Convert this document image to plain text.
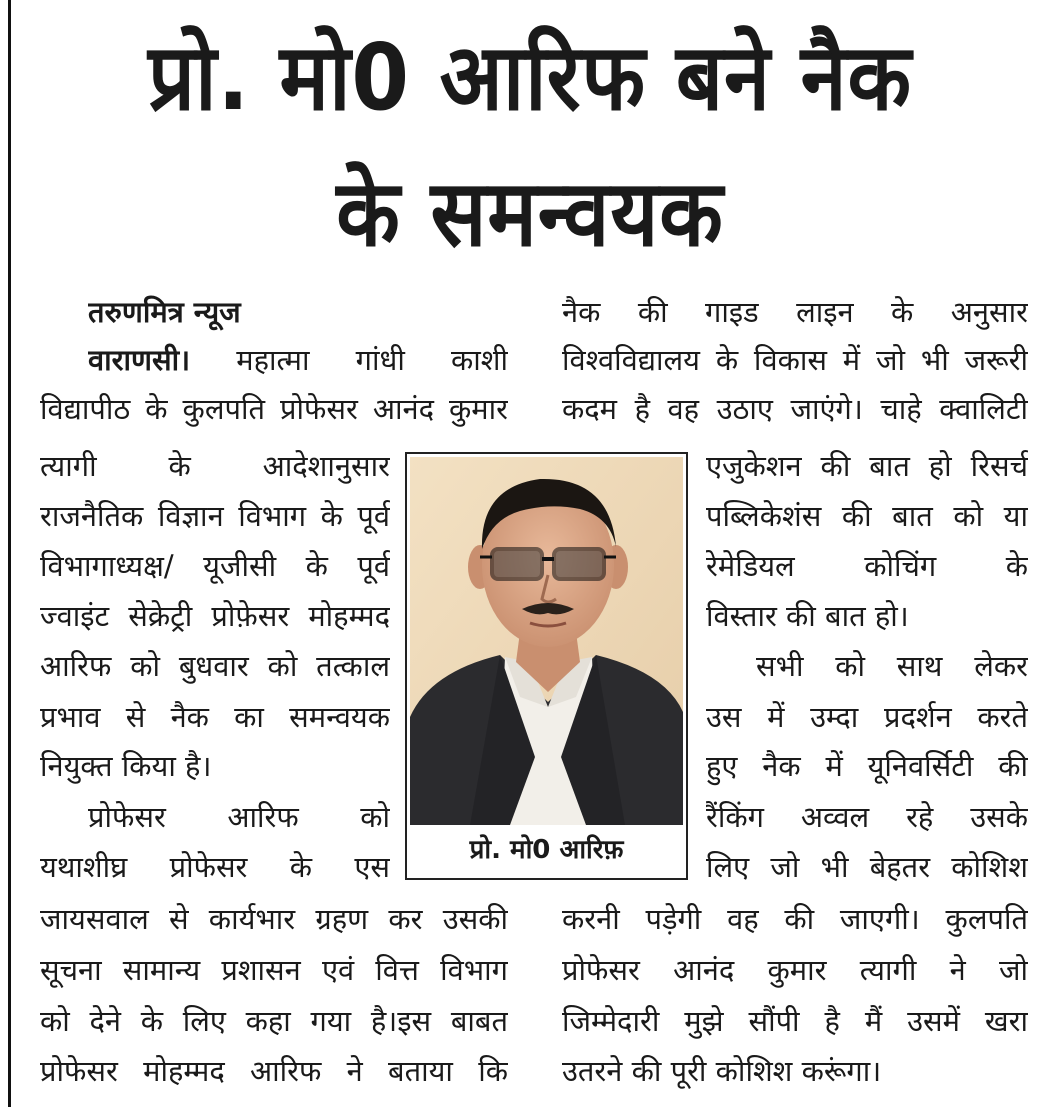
प्रो. मो0 आरिफ बने नैक
के समन्वयक
तरुणमित्र न्यूज
वाराणसी। महात्मा गांधी काशी
विद्यापीठ के कुलपति प्रोफेसर आनंद कुमार
त्यागी के आदेशानुसार
राजनैतिक विज्ञान विभाग के पूर्व
विभागाध्यक्ष/ यूजीसी के पूर्व
ज्वाइंट सेक्रेट्री प्रोफ़ेसर मोहम्मद
आरिफ को बुधवार को तत्काल
प्रभाव से नैक का समन्वयक
नियुक्त किया है।
प्रोफेसर आरिफ को
यथाशीघ्र प्रोफेसर के एस
जायसवाल से कार्यभार ग्रहण कर उसकी
सूचना सामान्य प्रशासन एवं वित्त विभाग
को देने के लिए कहा गया है।इस बाबत
प्रोफेसर मोहम्मद आरिफ ने बताया कि
प्रो. मो0 आरिफ़
नैक की गाइड लाइन के अनुसार
विश्वविद्यालय के विकास में जो भी जरूरी
कदम है वह उठाए जाएंगे। चाहे क्वालिटी
एजुकेशन की बात हो रिसर्च
पब्लिकेशंस की बात को या
रेमेडियल कोचिंग के
विस्तार की बात हो।
सभी को साथ लेकर
उस में उम्दा प्रदर्शन करते
हुए नैक में यूनिवर्सिटी की
रैंकिंग अव्वल रहे उसके
लिए जो भी बेहतर कोशिश
करनी पड़ेगी वह की जाएगी। कुलपति
प्रोफेसर आनंद कुमार त्यागी ने जो
जिम्मेदारी मुझे सौंपी है मैं उसमें खरा
उतरने की पूरी कोशिश करूंगा।
